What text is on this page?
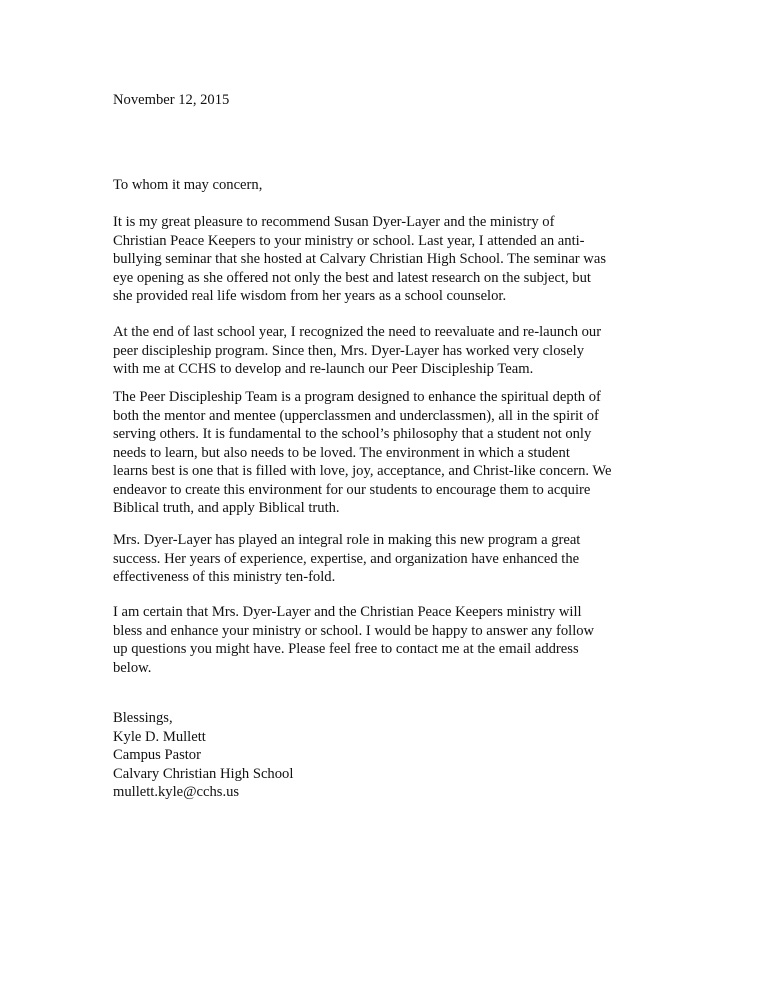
November 12, 2015
To whom it may concern,
It is my great pleasure to recommend Susan Dyer-Layer and the ministry of
Christian Peace Keepers to your ministry or school. Last year, I attended an anti-
bullying seminar that she hosted at Calvary Christian High School. The seminar was
eye opening as she offered not only the best and latest research on the subject, but
she provided real life wisdom from her years as a school counselor.
At the end of last school year, I recognized the need to reevaluate and re-launch our
peer discipleship program. Since then, Mrs. Dyer-Layer has worked very closely
with me at CCHS to develop and re-launch our Peer Discipleship Team.
The Peer Discipleship Team is a program designed to enhance the spiritual depth of
both the mentor and mentee (upperclassmen and underclassmen), all in the spirit of
serving others. It is fundamental to the school’s philosophy that a student not only
needs to learn, but also needs to be loved. The environment in which a student
learns best is one that is filled with love, joy, acceptance, and Christ-like concern. We
endeavor to create this environment for our students to encourage them to acquire
Biblical truth, and apply Biblical truth.
Mrs. Dyer-Layer has played an integral role in making this new program a great
success. Her years of experience, expertise, and organization have enhanced the
effectiveness of this ministry ten-fold.
I am certain that Mrs. Dyer-Layer and the Christian Peace Keepers ministry will
bless and enhance your ministry or school. I would be happy to answer any follow
up questions you might have. Please feel free to contact me at the email address
below.
Blessings,
Kyle D. Mullett
Campus Pastor
Calvary Christian High School
mullett.kyle@cchs.us
